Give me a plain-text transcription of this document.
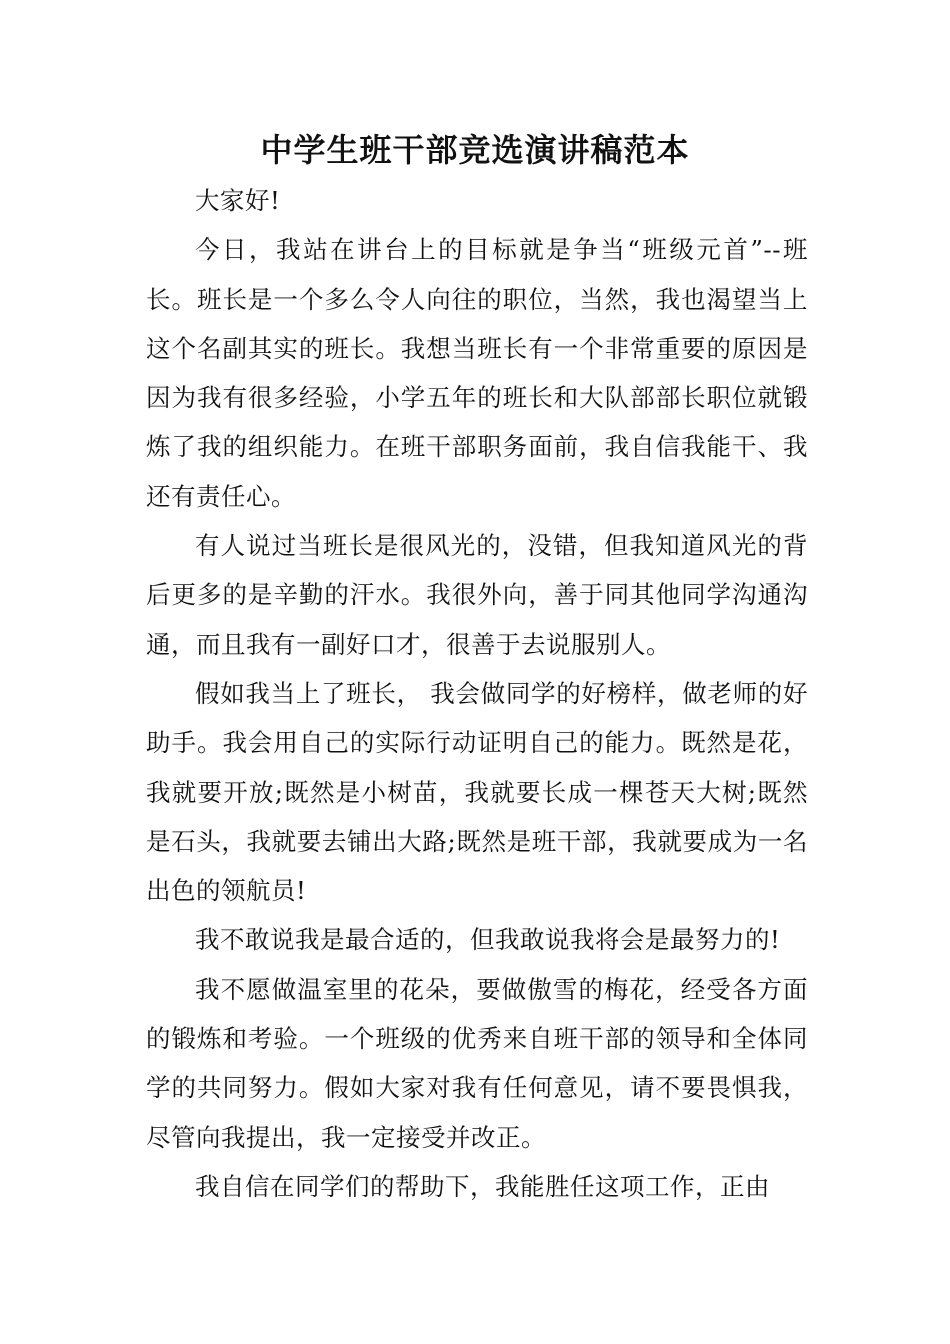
中学生班干部竞选演讲稿范本

大家好!

今日，我站在讲台上的目标就是争当“班级元首”--班长。班长是一个多么令人向往的职位，当然，我也渴望当上这个名副其实的班长。我想当班长有一个非常重要的原因是因为我有很多经验，小学五年的班长和大队部部长职位就锻炼了我的组织能力。在班干部职务面前，我自信我能干、我还有责任心。

有人说过当班长是很风光的，没错，但我知道风光的背后更多的是辛勤的汗水。我很外向，善于同其他同学沟通沟通，而且我有一副好口才，很善于去说服别人。

假如我当上了班长， 我会做同学的好榜样，做老师的好助手。我会用自己的实际行动证明自己的能力。既然是花，我就要开放;既然是小树苗，我就要长成一棵苍天大树;既然是石头，我就要去铺出大路;既然是班干部，我就要成为一名出色的领航员!

我不敢说我是最合适的，但我敢说我将会是最努力的!

我不愿做温室里的花朵，要做傲雪的梅花，经受各方面的锻炼和考验。一个班级的优秀来自班干部的领导和全体同学的共同努力。假如大家对我有任何意见，请不要畏惧我，尽管向我提出，我一定接受并改正。

我自信在同学们的帮助下，我能胜任这项工作，正由
